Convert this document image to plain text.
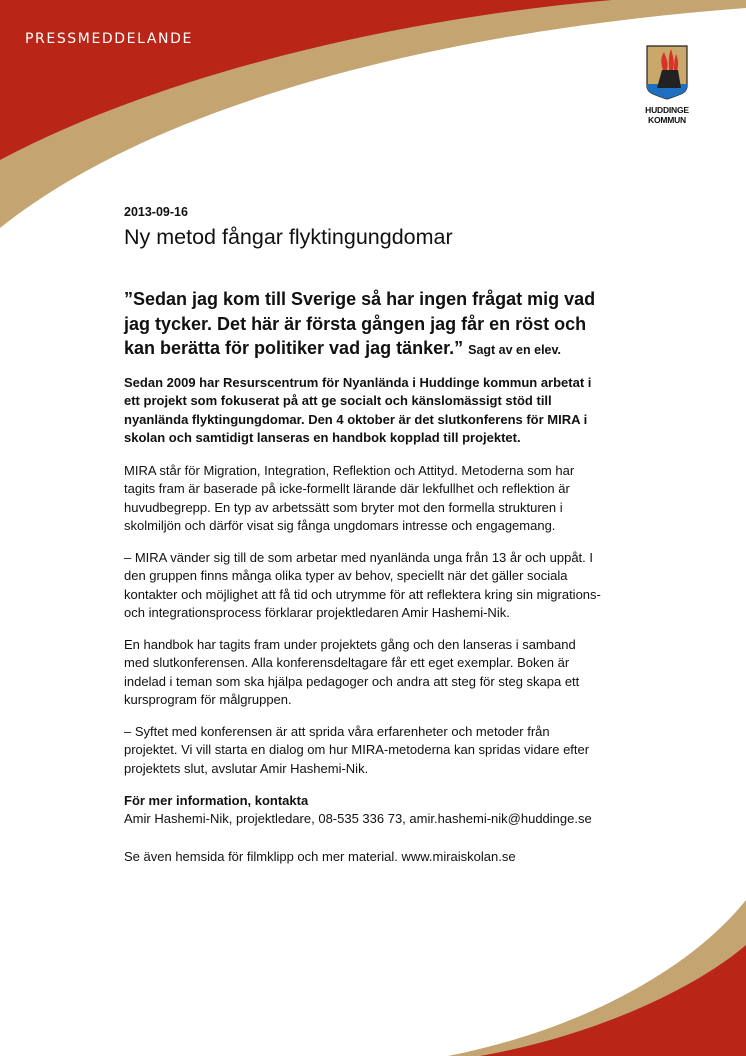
PRESSMEDDELANDE
HUDDINGE
KOMMUN
2013-09-16
Ny metod fångar flyktingungdomar
”Sedan jag kom till Sverige så har ingen frågat mig vad
jag tycker. Det här är första gången jag får en röst och
kan berätta för politiker vad jag tänker.” Sagt av en elev.
Sedan 2009 har Resurscentrum för Nyanlända i Huddinge kommun arbetat i
ett projekt som fokuserat på att ge socialt och känslomässigt stöd till
nyanlända flyktingungdomar. Den 4 oktober är det slutkonferens för MIRA i
skolan och samtidigt lanseras en handbok kopplad till projektet.
MIRA står för Migration, Integration, Reflektion och Attityd. Metoderna som har
tagits fram är baserade på icke-formellt lärande där lekfullhet och reflektion är
huvudbegrepp. En typ av arbetssätt som bryter mot den formella strukturen i
skolmiljön och därför visat sig fånga ungdomars intresse och engagemang.
– MIRA vänder sig till de som arbetar med nyanlända unga från 13 år och uppåt. I
den gruppen finns många olika typer av behov, speciellt när det gäller sociala
kontakter och möjlighet att få tid och utrymme för att reflektera kring sin migrations-
och integrationsprocess förklarar projektledaren Amir Hashemi-Nik.
En handbok har tagits fram under projektets gång och den lanseras i samband
med slutkonferensen. Alla konferensdeltagare får ett eget exemplar. Boken är
indelad i teman som ska hjälpa pedagoger och andra att steg för steg skapa ett
kursprogram för målgruppen.
– Syftet med konferensen är att sprida våra erfarenheter och metoder från
projektet. Vi vill starta en dialog om hur MIRA-metoderna kan spridas vidare efter
projektets slut, avslutar Amir Hashemi-Nik.
För mer information, kontakta
Amir Hashemi-Nik, projektledare, 08-535 336 73, amir.hashemi-nik@huddinge.se
Se även hemsida för filmklipp och mer material. www.miraiskolan.se
